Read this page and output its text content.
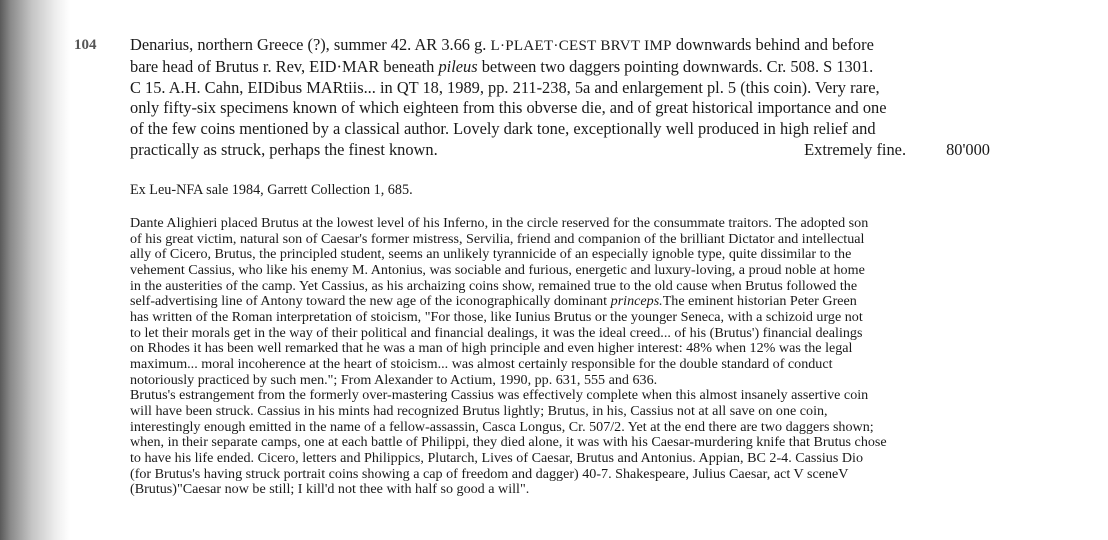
104 Denarius, northern Greece (?), summer 42. AR 3.66 g. L·PLAET·CEST BRVT IMP downwards behind and before
bare head of Brutus r. Rev, EID·MAR beneath pileus between two daggers pointing downwards. Cr. 508. S 1301.
C 15. A.H. Cahn, EIDibus MARtiis... in QT 18, 1989, pp. 211-238, 5a and enlargement pl. 5 (this coin). Very rare,
only fifty-six specimens known of which eighteen from this obverse die, and of great historical importance and one
of the few coins mentioned by a classical author. Lovely dark tone, exceptionally well produced in high relief and
practically as struck, perhaps the finest known.	Extremely fine. 80'000
Ex Leu-NFA sale 1984, Garrett Collection 1, 685.
Dante Alighieri placed Brutus at the lowest level of his Inferno, in the circle reserved for the consummate traitors. The adopted son
of his great victim, natural son of Caesar's former mistress, Servilia, friend and companion of the brilliant Dictator and intellectual
ally of Cicero, Brutus, the principled student, seems an unlikely tyrannicide of an especially ignoble type, quite dissimilar to the
vehement Cassius, who like his enemy M. Antonius, was sociable and furious, energetic and luxury-loving, a proud noble at home
in the austerities of the camp. Yet Cassius, as his archaizing coins show, remained true to the old cause when Brutus followed the
self-advertising line of Antony toward the new age of the iconographically dominant princeps.The eminent historian Peter Green
has written of the Roman interpretation of stoicism, "For those, like Iunius Brutus or the younger Seneca, with a schizoid urge not
to let their morals get in the way of their political and financial dealings, it was the ideal creed... of his (Brutus') financial dealings
on Rhodes it has been well remarked that he was a man of high principle and even higher interest: 48% when 12% was the legal
maximum... moral incoherence at the heart of stoicism... was almost certainly responsible for the double standard of conduct
notoriously practiced by such men."; From Alexander to Actium, 1990, pp. 631, 555 and 636.
Brutus's estrangement from the formerly over-mastering Cassius was effectively complete when this almost insanely assertive coin
will have been struck. Cassius in his mints had recognized Brutus lightly; Brutus, in his, Cassius not at all save on one coin,
interestingly enough emitted in the name of a fellow-assassin, Casca Longus, Cr. 507/2. Yet at the end there are two daggers shown;
when, in their separate camps, one at each battle of Philippi, they died alone, it was with his Caesar-murdering knife that Brutus chose
to have his life ended. Cicero, letters and Philippics, Plutarch, Lives of Caesar, Brutus and Antonius. Appian, BC 2-4. Cassius Dio
(for Brutus's having struck portrait coins showing a cap of freedom and dagger) 40-7. Shakespeare, Julius Caesar, act V sceneV
(Brutus)"Caesar now be still; I kill'd not thee with half so good a will".
